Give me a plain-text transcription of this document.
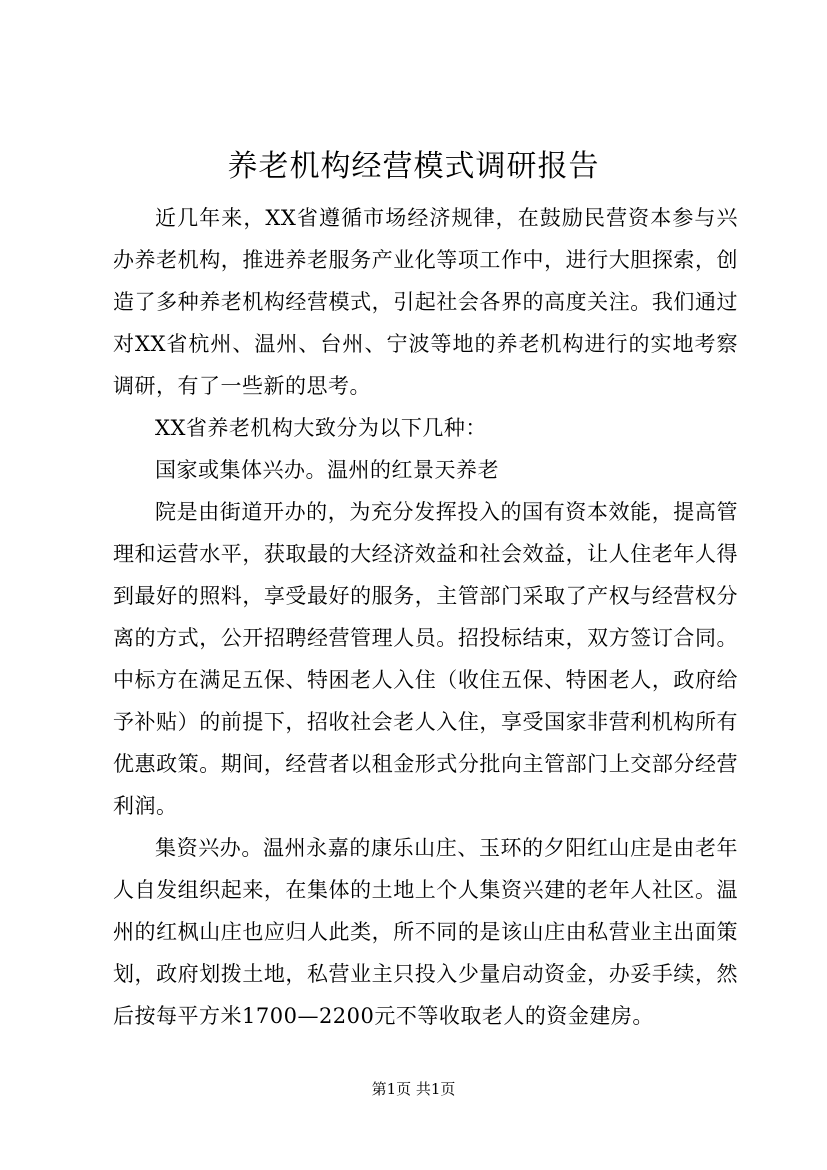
养老机构经营模式调研报告

近几年来，XX省遵循市场经济规律，在鼓励民营资本参与兴办养老机构，推进养老服务产业化等项工作中，进行大胆探索，创造了多种养老机构经营模式，引起社会各界的高度关注。我们通过对XX省杭州、温州、台州、宁波等地的养老机构进行的实地考察调研，有了一些新的思考。

XX省养老机构大致分为以下几种：

国家或集体兴办。温州的红景天养老

院是由街道开办的，为充分发挥投入的国有资本效能，提高管理和运营水平，获取最的大经济效益和社会效益，让人住老年人得到最好的照料，享受最好的服务，主管部门采取了产权与经营权分离的方式，公开招聘经营管理人员。招投标结束，双方签订合同。中标方在满足五保、特困老人入住（收住五保、特困老人，政府给予补贴）的前提下，招收社会老人入住，享受国家非营利机构所有优惠政策。期间，经营者以租金形式分批向主管部门上交部分经营利润。

集资兴办。温州永嘉的康乐山庄、玉环的夕阳红山庄是由老年人自发组织起来，在集体的土地上个人集资兴建的老年人社区。温州的红枫山庄也应归人此类，所不同的是该山庄由私营业主出面策划，政府划拨土地，私营业主只投入少量启动资金，办妥手续，然后按每平方米1700—2200元不等收取老人的资金建房。

第1页 共1页
